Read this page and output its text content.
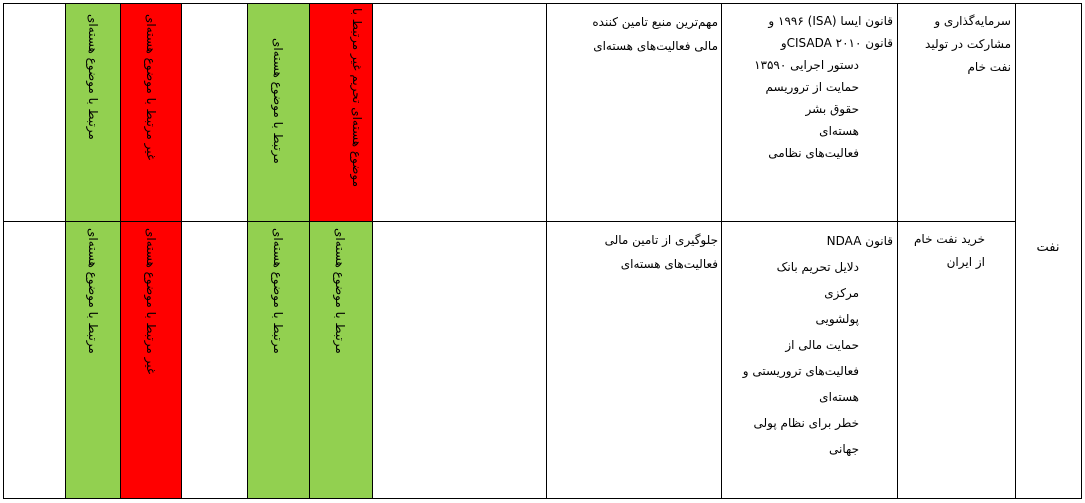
سرمایه‌گذاری و مشارکت در تولید نفت خام
قانون ایسا (ISA) ۱۹۹۶ و
قانون CISADA ۲۰۱۰و
دستور اجرایی ۱۳۵۹۰
حمایت از تروریسم
حقوق بشر
هسته‌ای
فعالیت‌های نظامی
مهم‌ترین منبع تامین کننده مالی فعالیت‌های هسته‌ای
موضوع هسته‌ای تحریم غیر مرتبط با
مرتبط با موضوع هسته‌ای
غیر مرتبط با موضوع هسته‌ای
مرتبط با موضوع هسته‌ای
نفت
خرید نفت خام از ایران
قانون NDAA
دلایل تحریم بانک
مرکزی
پولشویی
حمایت مالی از
فعالیت‌های تروریستی و
هسته‌ای
خطر برای نظام پولی
جهانی
جلوگیری از تامین مالی فعالیت‌های هسته‌ای
مرتبط با موضوع هسته‌ای
مرتبط با موضوع هسته‌ای
غیر مرتبط با موضوع هسته‌ای
مرتبط با موضوع هسته‌ای
